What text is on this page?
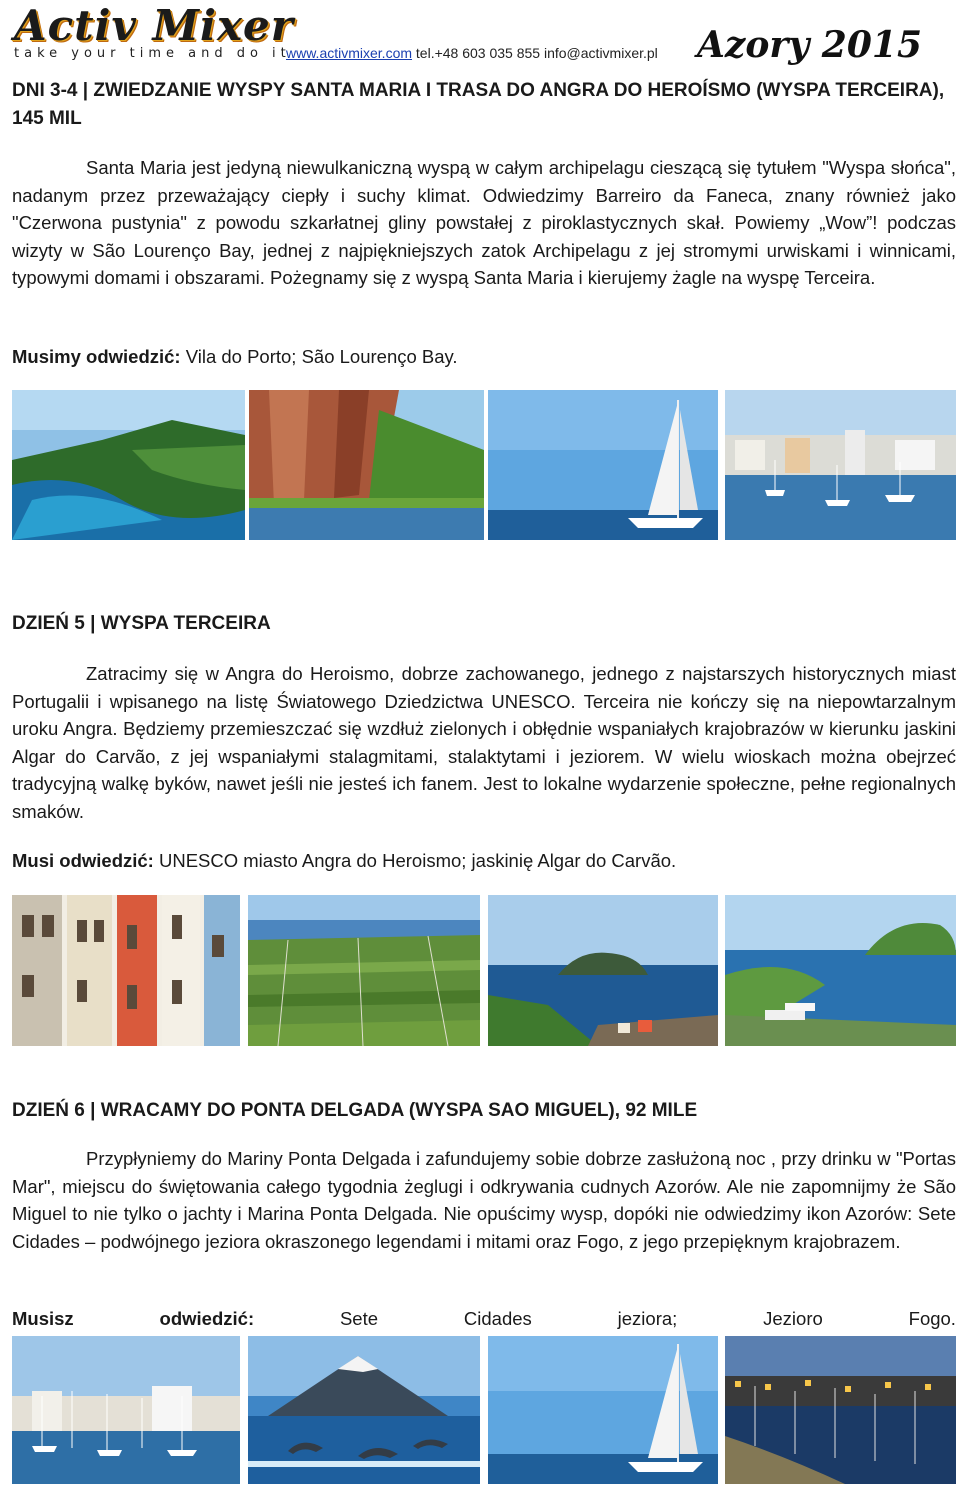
Activ Mixer
take your time and do it
www.activmixer.com tel.+48 603 035 855 info@activmixer.pl Azory 2015
DNI 3-4 | ZWIEDZANIE WYSPY SANTA MARIA I TRASA DO ANGRA DO HEROÍSMO (WYSPA TERCEIRA), 145 MIL
Santa Maria jest jedyną niewulkaniczną wyspą w całym archipelagu cieszącą się tytułem "Wyspa słońca", nadanym przez przeważający ciepły i suchy klimat. Odwiedzimy Barreiro da Faneca, znany również jako "Czerwona pustynia" z powodu szkarłatnej gliny powstałej z piroklastycznych skał. Powiemy „Wow”! podczas wizyty w São Lourenço Bay, jednej z najpiękniejszych zatok Archipelagu z jej stromymi urwiskami i winnicami, typowymi domami i obszarami. Pożegnamy się z wyspą Santa Maria i kierujemy żagle na wyspę Terceira.
Musimy odwiedzić: Vila do Porto; São Lourenço Bay.
DZIEŃ 5 | WYSPA TERCEIRA
Zatracimy się w Angra do Heroismo, dobrze zachowanego, jednego z najstarszych historycznych miast Portugalii i wpisanego na listę Światowego Dziedzictwa UNESCO. Terceira nie kończy się na niepowtarzalnym uroku Angra. Będziemy przemieszczać się wzdłuż zielonych i obłędnie wspaniałych krajobrazów w kierunku jaskini Algar do Carvão, z jej wspaniałymi stalagmitami, stalaktytami i jeziorem. W wielu wioskach można obejrzeć tradycyjną walkę byków, nawet jeśli nie jesteś ich fanem. Jest to lokalne wydarzenie społeczne, pełne regionalnych smaków.
Musi odwiedzić: UNESCO miasto Angra do Heroismo; jaskinię Algar do Carvão.
DZIEŃ 6 | WRACAMY DO PONTA DELGADA (WYSPA SAO MIGUEL), 92 MILE
Przypłyniemy do Mariny Ponta Delgada i zafundujemy sobie dobrze zasłużoną noc , przy drinku w "Portas Mar", miejscu do świętowania całego tygodnia żeglugi i odkrywania cudnych Azorów. Ale nie zapomnijmy że São Miguel to nie tylko o jachty i Marina Ponta Delgada. Nie opuścimy wysp, dopóki nie odwiedzimy ikon Azorów: Sete Cidades – podwójnego jeziora okraszonego legendami i mitami oraz Fogo, z jego przepięknym krajobrazem.
Musisz	odwiedzić:	Sete	Cidades	jeziora;	Jezioro	Fogo.
